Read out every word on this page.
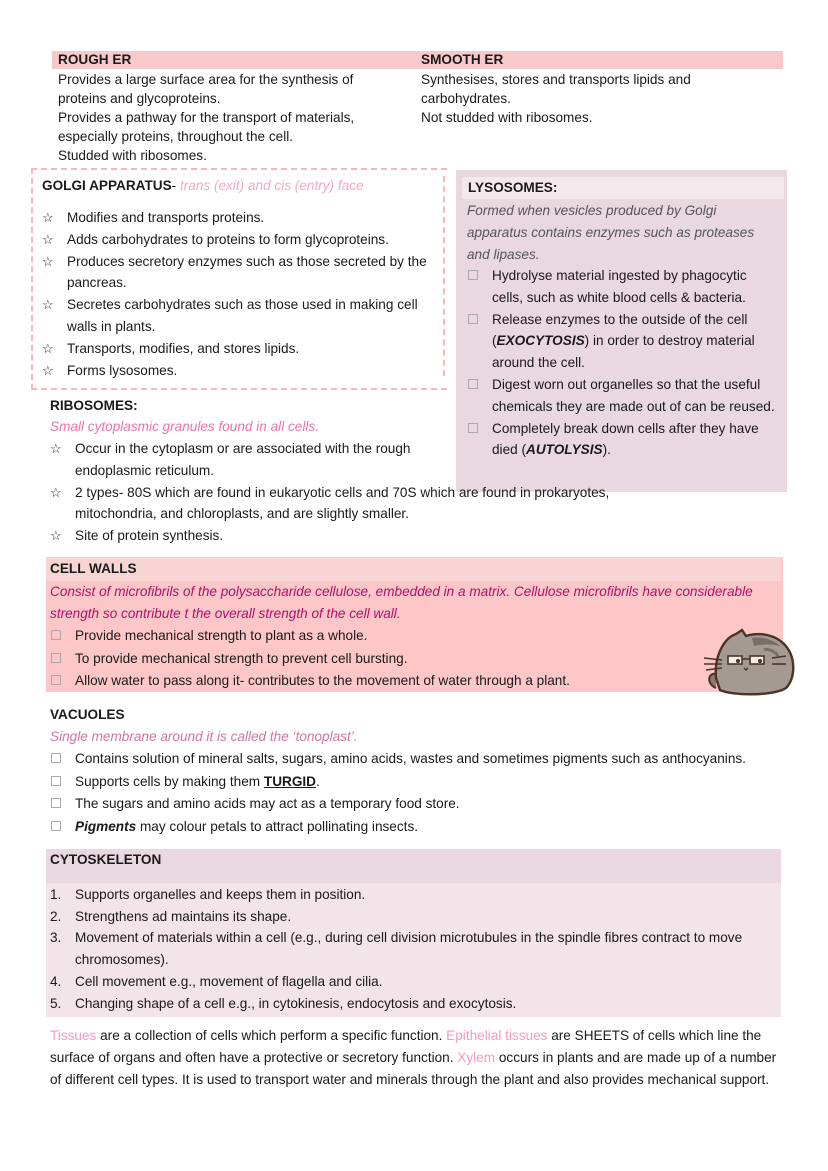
ROUGH ER	SMOOTH ER
Provides a large surface area for the synthesis of
proteins and glycoproteins.
Provides a pathway for the transport of materials,
especially proteins, throughout the cell.
Studded with ribosomes.
Synthesises, stores and transports lipids and
carbohydrates.
Not studded with ribosomes.
GOLGI APPARATUS- trans (exit) and cis (entry) face
☆ Modifies and transports proteins.
☆ Adds carbohydrates to proteins to form glycoproteins.
☆ Produces secretory enzymes such as those secreted by the pancreas.
☆ Secretes carbohydrates such as those used in making cell walls in plants.
☆ Transports, modifies, and stores lipids.
☆ Forms lysosomes.
LYSOSOMES:
Formed when vesicles produced by Golgi apparatus contains enzymes such as proteases and lipases.
Hydrolyse material ingested by phagocytic cells, such as white blood cells & bacteria.
Release enzymes to the outside of the cell (EXOCYTOSIS) in order to destroy material around the cell.
Digest worn out organelles so that the useful chemicals they are made out of can be reused.
Completely break down cells after they have died (AUTOLYSIS).
RIBOSOMES:
Small cytoplasmic granules found in all cells.
☆ Occur in the cytoplasm or are associated with the rough endoplasmic reticulum.
☆ 2 types- 80S which are found in eukaryotic cells and 70S which are found in prokaryotes, mitochondria, and chloroplasts, and are slightly smaller.
☆ Site of protein synthesis.
CELL WALLS
Consist of microfibrils of the polysaccharide cellulose, embedded in a matrix. Cellulose microfibrils have considerable strength so contribute t the overall strength of the cell wall.
Provide mechanical strength to plant as a whole.
To provide mechanical strength to prevent cell bursting.
Allow water to pass along it- contributes to the movement of water through a plant.
VACUOLES
Single membrane around it is called the ‘tonoplast’.
Contains solution of mineral salts, sugars, amino acids, wastes and sometimes pigments such as anthocyanins.
Supports cells by making them TURGID.
The sugars and amino acids may act as a temporary food store.
Pigments may colour petals to attract pollinating insects.
CYTOSKELETON
1. Supports organelles and keeps them in position.
2. Strengthens ad maintains its shape.
3. Movement of materials within a cell (e.g., during cell division microtubules in the spindle fibres contract to move chromosomes).
4. Cell movement e.g., movement of flagella and cilia.
5. Changing shape of a cell e.g., in cytokinesis, endocytosis and exocytosis.
Tissues are a collection of cells which perform a specific function. Epithelial tissues are SHEETS of cells which line the surface of organs and often have a protective or secretory function. Xylem occurs in plants and are made up of a number of different cell types. It is used to transport water and minerals through the plant and also provides mechanical support.
